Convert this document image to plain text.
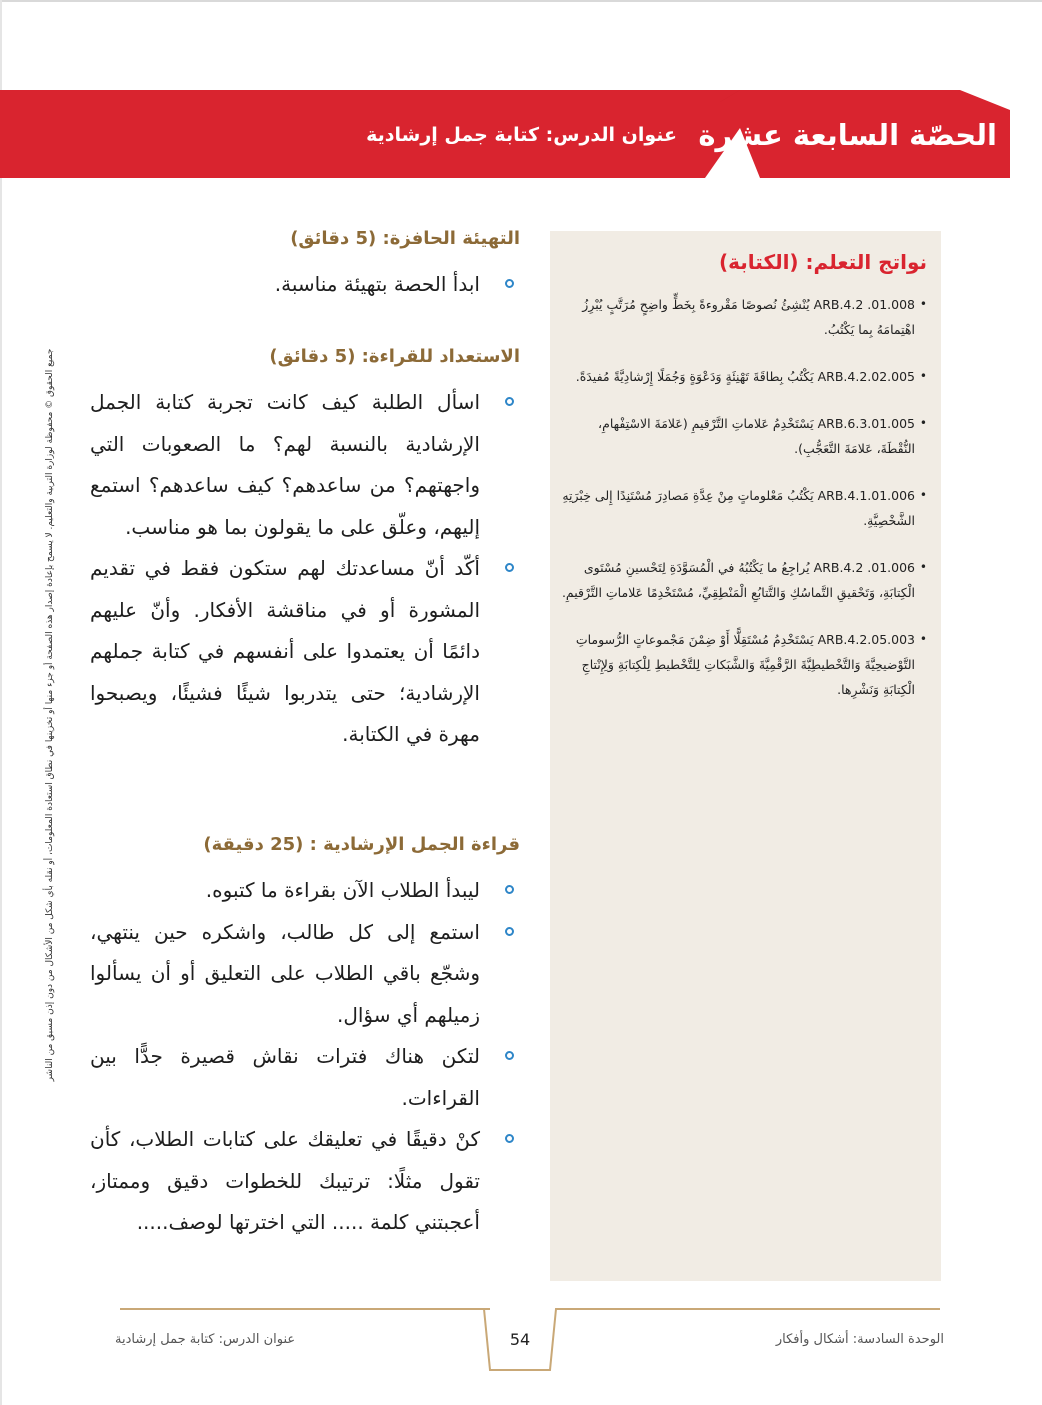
الحصّة السابعة عشرة
عنوان الدرس: كتابة جمل إرشادية
نواتج التعلم: (الكتابة)
• ARB.4.2 .01.008 يُنْشِئُ نُصوصًا مَقْروءةً بِخَطٍّ واضِحٍ مُرَتَّبٍ يُبْرِزُ اهْتِمامَهُ بِما يَكْتُبُ.
• ARB.4.2.02.005 يَكْتُبُ بِطاقَةَ تَهْنِئَةٍ وَدَعْوَةٍ وَجُمَلًا إِرْشادِيَّةً مُفيدَةً.
• ARB.6.3.01.005 يَسْتَخْدِمُ عَلاماتِ التَّرْقيمِ (عَلامَةَ الاسْتِفْهامِ، النُّقْطَةَ، عَلامَةَ التَّعَجُّبِ).
• ARB.4.1.01.006 يَكْتُبُ مَعْلوماتٍ مِنْ عِدَّةِ مَصادِرَ مُسْتَنِدًا إِلى خِبْرَتِهِ الشَّخْصِيَّةِ.
• ARB.4.2 .01.006 يُراجِعُ ما يَكْتُبُهُ في الْمُسَوَّدَةِ لِتَحْسينِ مُسْتَوى الْكِتابَةِ، وَتَحْقيقِ التَّماسُكِ وَالتَّتابُعِ الْمَنْطِقِيِّ، مُسْتَخْدِمًا عَلاماتِ التَّرْقيمِ.
• ARB.4.2.05.003 يَسْتَخْدِمُ مُسْتَقِلًّا أَوْ ضِمْنَ مَجْموعاتٍ الرُّسوماتِ التَّوْضيحِيَّةَ وَالتَّخْطيطِيَّةَ الرَّقْمِيَّةَ وَالشَّبَكاتِ لِلتَّخْطيطِ لِلْكِتابَةِ وَلِإِنْتاجِ الْكِتابَةِ وَنَشْرِها.
التهيئة الحافزة: (5 دقائق)
ابدأ الحصة بتهيئة مناسبة.
الاستعداد للقراءة: (5 دقائق)
اسأل الطلبة كيف كانت تجربة كتابة الجمل الإرشادية بالنسبة لهم؟ ما الصعوبات التي واجهتهم؟ من ساعدهم؟ كيف ساعدهم؟ استمع إليهم، وعلّق على ما يقولون بما هو مناسب.
أكّد أنّ مساعدتك لهم ستكون فقط في تقديم المشورة أو في مناقشة الأفكار. وأنّ عليهم دائمًا أن يعتمدوا على أنفسهم في كتابة جملهم الإرشادية؛ حتى يتدربوا شيئًا فشيئًا، ويصبحوا مهرة في الكتابة.
قراءة الجمل الإرشادية : (25 دقيقة)
ليبدأ الطلاب الآن بقراءة ما كتبوه.
استمع إلى كل طالب، واشكره حين ينتهي، وشجّع باقي الطلاب على التعليق أو أن يسألوا زميلهم أي سؤال.
لتكن هناك فترات نقاش قصيرة جدًّا بين القراءات.
كنْ دقيقًا في تعليقك على كتابات الطلاب، كأن تقول مثلًا: ترتيبك للخطوات دقيق وممتاز، أعجبتني كلمة ..... التي اخترتها لوصف.....
جميع الحقوق © محفوظة لوزارة التربية والتعليم. لا يسمح بإعادة إصدار هذه الصفحة أو جزء منها أو تخزينها في نطاق استعادة المعلومات، أو نقله بأي شكل من الأشكال من دون إذن مسبق من الناشر
54
عنوان الدرس: كتابة جمل إرشادية	الوحدة السادسة: أشكال وأفكار
